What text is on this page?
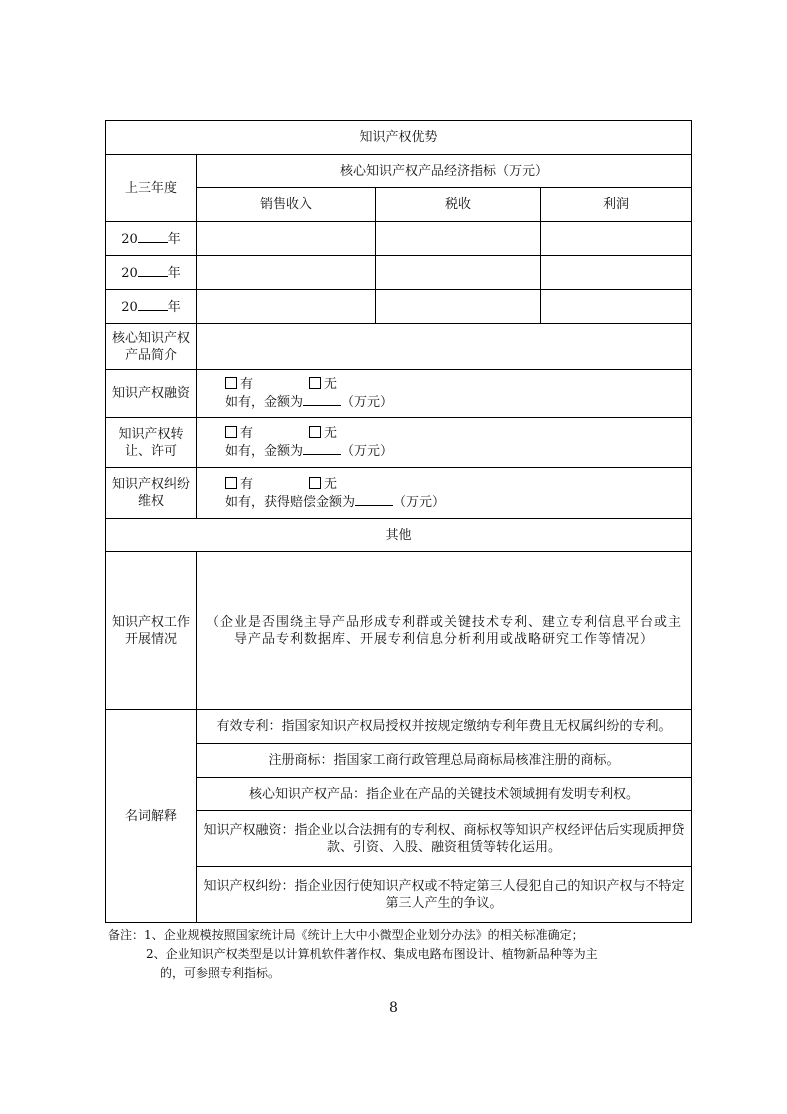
知识产权优势			
上三年度	核心知识产权产品经济指标（万元）		
	销售收入	税收	利润
20 年			
20 年			
20 年			
核心知识产权产品简介			
知识产权融资	有 无
如有，金额为 （万元）		
知识产权转让、许可	有 无
如有，金额为 （万元）		
知识产权纠纷维权	有 无
如有，获得赔偿金额为 （万元）		
其他			
知识产权工作开展情况	（企业是否围绕主导产品形成专利群或关键技术专利、建立专利信息平台或主导产品专利数据库、开展专利信息分析利用或战略研究工作等情况）		
名词解释	有效专利：指国家知识产权局授权并按规定缴纳专利年费且无权属纠纷的专利。		
	注册商标：指国家工商行政管理总局商标局核准注册的商标。		
	核心知识产权产品：指企业在产品的关键技术领域拥有发明专利权。		
	知识产权融资：指企业以合法拥有的专利权、商标权等知识产权经评估后实现质押贷款、引资、入股、融资租赁等转化运用。		
	知识产权纠纷：指企业因行使知识产权或不特定第三人侵犯自己的知识产权与不特定第三人产生的争议。		
备注：1、企业规模按照国家统计局《统计上大中小微型企业划分办法》的相关标准确定；
2、企业知识产权类型是以计算机软件著作权、集成电路布图设计、植物新品种等为主
的，可参照专利指标。
8
